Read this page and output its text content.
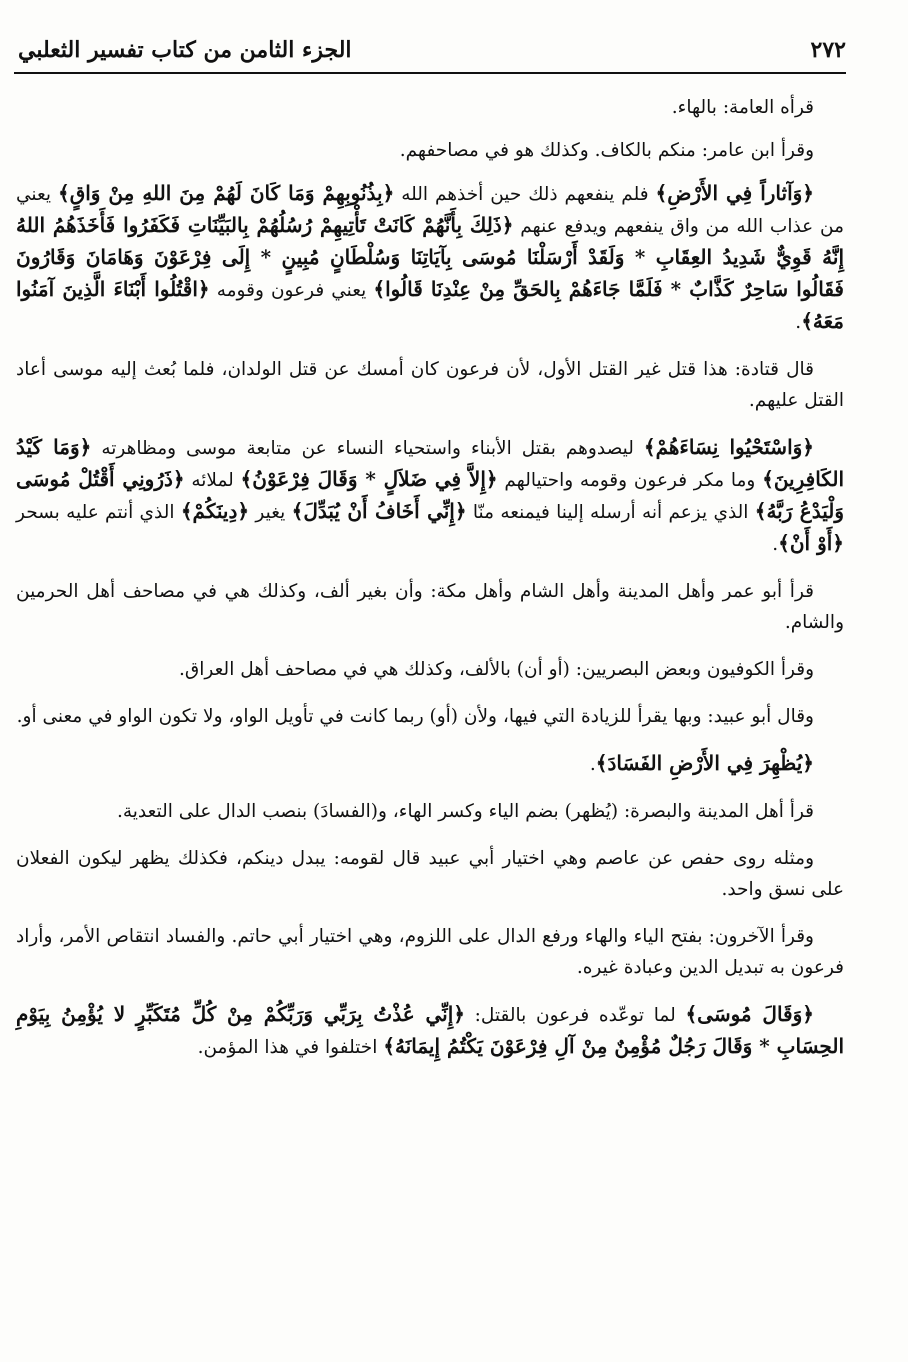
٢٧٢
الجزء الثامن من كتاب تفسير الثعلبي

قرأه العامة: بالهاء.

وقرأ ابن عامر: منكم بالكاف. وكذلك هو في مصاحفهم.

﴿وَآثاراً فِي الأَرْضِ﴾ فلم ينفعهم ذلك حين أخذهم الله ﴿بِذُنُوبِهِمْ وَمَا كَانَ لَهُمْ مِنَ اللهِ مِنْ وَاقٍ﴾ يعني من عذاب الله من واق ينفعهم ويدفع عنهم ﴿ذَلِكَ بِأَنَّهُمْ كَانَتْ تَأْتِيهِمْ رُسُلُهُمْ بِالبَيِّنَاتِ فَكَفَرُوا فَأَخَذَهُمُ اللهُ إِنَّهُ قَوِيٌّ شَدِيدُ العِقَابِ * وَلَقَدْ أَرْسَلْنَا مُوسَى بِآيَاتِنَا وَسُلْطَانٍ مُبِينٍ * إِلَى فِرْعَوْنَ وَهَامَانَ وَقَارُونَ فَقَالُوا سَاحِرٌ كَذَّابٌ * فَلَمَّا جَاءَهُمْ بِالحَقِّ مِنْ عِنْدِنَا قَالُوا﴾ يعني فرعون وقومه ﴿اقْتُلُوا أَبْنَاءَ الَّذِينَ آمَنُوا مَعَهُ﴾.

قال قتادة: هذا قتل غير القتل الأول، لأن فرعون كان أمسك عن قتل الولدان، فلما بُعث إليه موسى أعاد القتل عليهم.

﴿وَاسْتَحْيُوا نِسَاءَهُمْ﴾ ليصدوهم بقتل الأبناء واستحياء النساء عن متابعة موسى ومظاهرته ﴿وَمَا كَيْدُ الكَافِرِينَ﴾ وما مكر فرعون وقومه واحتيالهم ﴿إِلاَّ فِي ضَلاَلٍ * وَقَالَ فِرْعَوْنُ﴾ لملائه ﴿ذَرُونِي أَقْتُلْ مُوسَى وَلْيَدْعُ رَبَّهُ﴾ الذي يزعم أنه أرسله إلينا فيمنعه منّا ﴿إِنِّي أَخَافُ أَنْ يُبَدِّلَ﴾ يغير ﴿دِينَكُمْ﴾ الذي أنتم عليه بسحر ﴿أَوْ أَنْ﴾.

قرأ أبو عمر وأهل المدينة وأهل الشام وأهل مكة: وأن بغير ألف، وكذلك هي في مصاحف أهل الحرمين والشام.

وقرأ الكوفيون وبعض البصريين: (أو أن) بالألف، وكذلك هي في مصاحف أهل العراق.

وقال أبو عبيد: وبها يقرأ للزيادة التي فيها، ولأن (أو) ربما كانت في تأويل الواو، ولا تكون الواو في معنى أو.

﴿يُظْهِرَ فِي الأَرْضِ الفَسَادَ﴾.

قرأ أهل المدينة والبصرة: (يُظهر) بضم الياء وكسر الهاء، و(الفسادَ) بنصب الدال على التعدية.

ومثله روى حفص عن عاصم وهي اختيار أبي عبيد قال لقومه: يبدل دينكم، فكذلك يظهر ليكون الفعلان على نسق واحد.

وقرأ الآخرون: بفتح الياء والهاء ورفع الدال على اللزوم، وهي اختيار أبي حاتم. والفساد انتقاص الأمر، وأراد فرعون به تبديل الدين وعبادة غيره.

﴿وَقَالَ مُوسَى﴾ لما توعّده فرعون بالقتل: ﴿إِنِّي عُذْتُ بِرَبِّي وَرَبِّكُمْ مِنْ كُلِّ مُتَكَبِّرٍ لا يُؤْمِنُ بِيَوْمِ الحِسَابِ * وَقَالَ رَجُلٌ مُؤْمِنٌ مِنْ آلِ فِرْعَوْنَ يَكْتُمُ إِيمَانَهُ﴾ اختلفوا في هذا المؤمن.
